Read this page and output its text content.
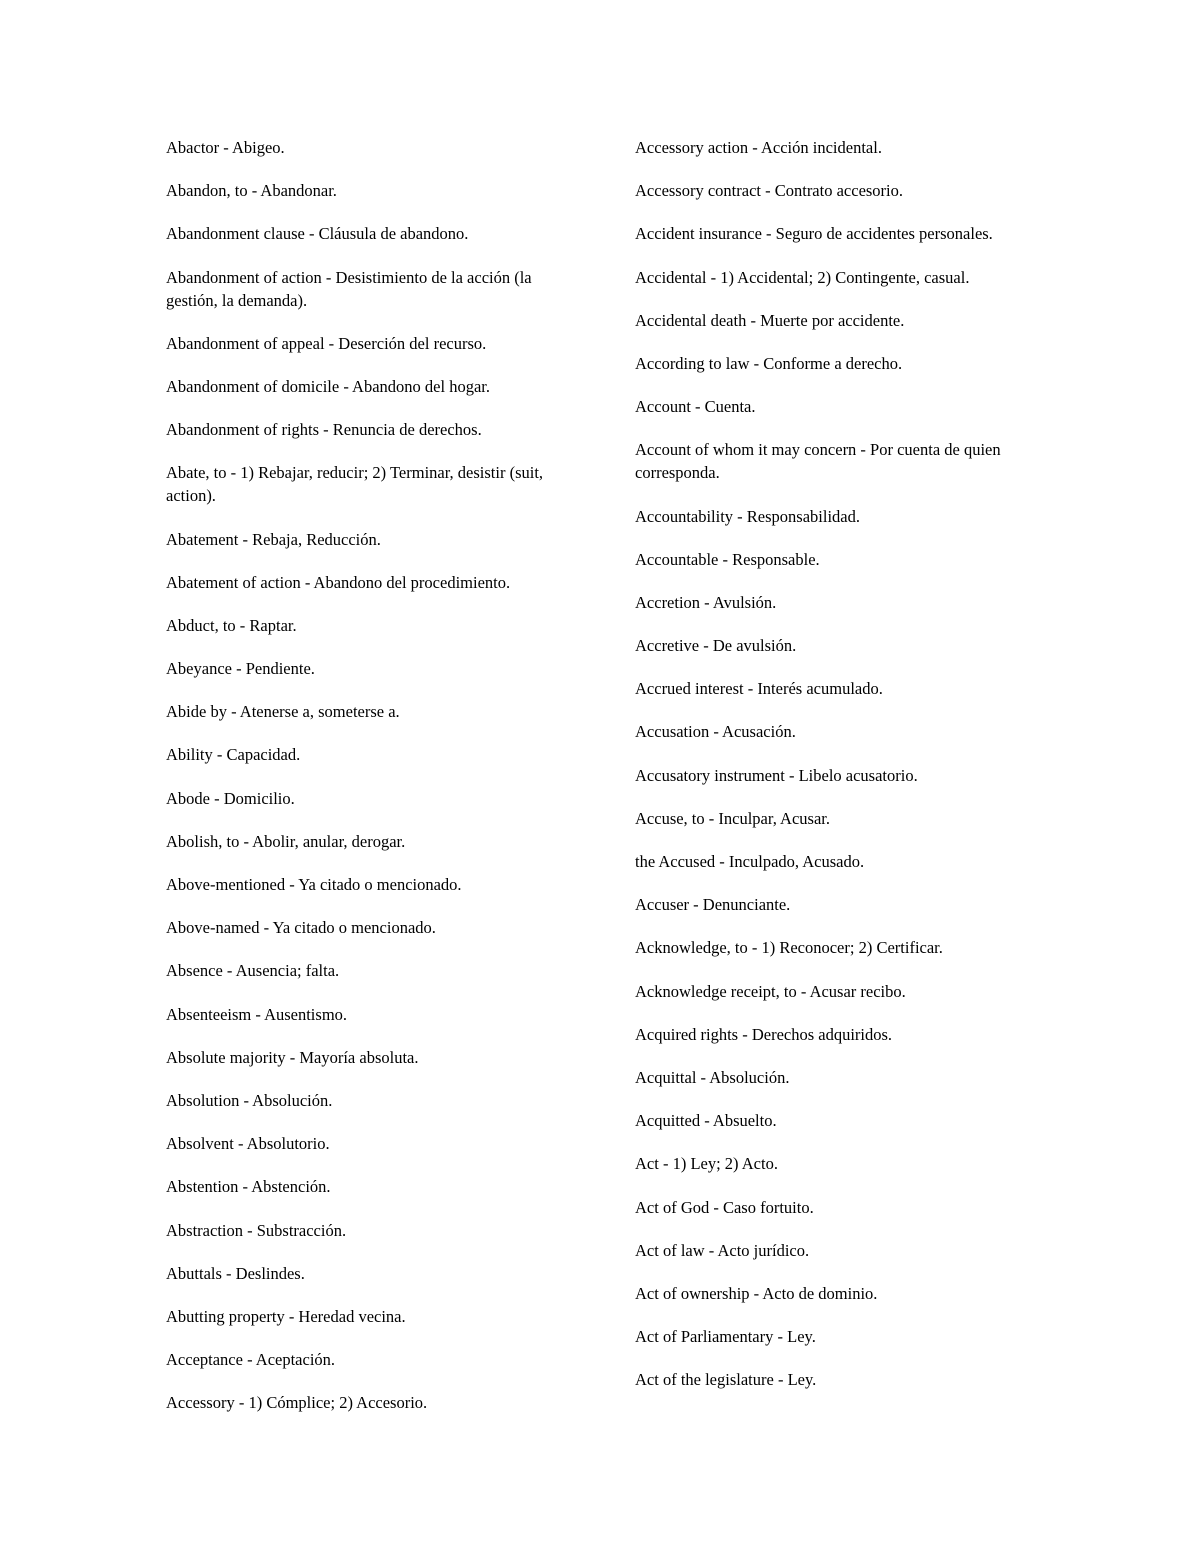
Abactor - Abigeo.
Abandon, to - Abandonar.
Abandonment clause - Cláusula de abandono.
Abandonment of action - Desistimiento de la acción (la gestión, la demanda).
Abandonment of appeal - Deserción del recurso.
Abandonment of domicile - Abandono del hogar.
Abandonment of rights - Renuncia de derechos.
Abate, to - 1) Rebajar, reducir; 2) Terminar, desistir (suit, action).
Abatement - Rebaja, Reducción.
Abatement of action - Abandono del procedimiento.
Abduct, to - Raptar.
Abeyance - Pendiente.
Abide by - Atenerse a, someterse a.
Ability - Capacidad.
Abode - Domicilio.
Abolish, to - Abolir, anular, derogar.
Above-mentioned - Ya citado o mencionado.
Above-named - Ya citado o mencionado.
Absence - Ausencia; falta.
Absenteeism - Ausentismo.
Absolute majority - Mayoría absoluta.
Absolution - Absolución.
Absolvent - Absolutorio.
Abstention - Abstención.
Abstraction - Substracción.
Abuttals - Deslindes.
Abutting property - Heredad vecina.
Acceptance - Aceptación.
Accessory - 1) Cómplice; 2) Accesorio.
Accessory action - Acción incidental.
Accessory contract - Contrato accesorio.
Accident insurance - Seguro de accidentes personales.
Accidental - 1) Accidental; 2) Contingente, casual.
Accidental death - Muerte por accidente.
According to law - Conforme a derecho.
Account - Cuenta.
Account of whom it may concern - Por cuenta de quien corresponda.
Accountability - Responsabilidad.
Accountable - Responsable.
Accretion - Avulsión.
Accretive - De avulsión.
Accrued interest - Interés acumulado.
Accusation - Acusación.
Accusatory instrument - Libelo acusatorio.
Accuse, to - Inculpar, Acusar.
the Accused - Inculpado, Acusado.
Accuser - Denunciante.
Acknowledge, to - 1) Reconocer; 2) Certificar.
Acknowledge receipt, to - Acusar recibo.
Acquired rights - Derechos adquiridos.
Acquittal - Absolución.
Acquitted - Absuelto.
Act - 1) Ley; 2) Acto.
Act of God - Caso fortuito.
Act of law - Acto jurídico.
Act of ownership - Acto de dominio.
Act of Parliamentary - Ley.
Act of the legislature - Ley.
